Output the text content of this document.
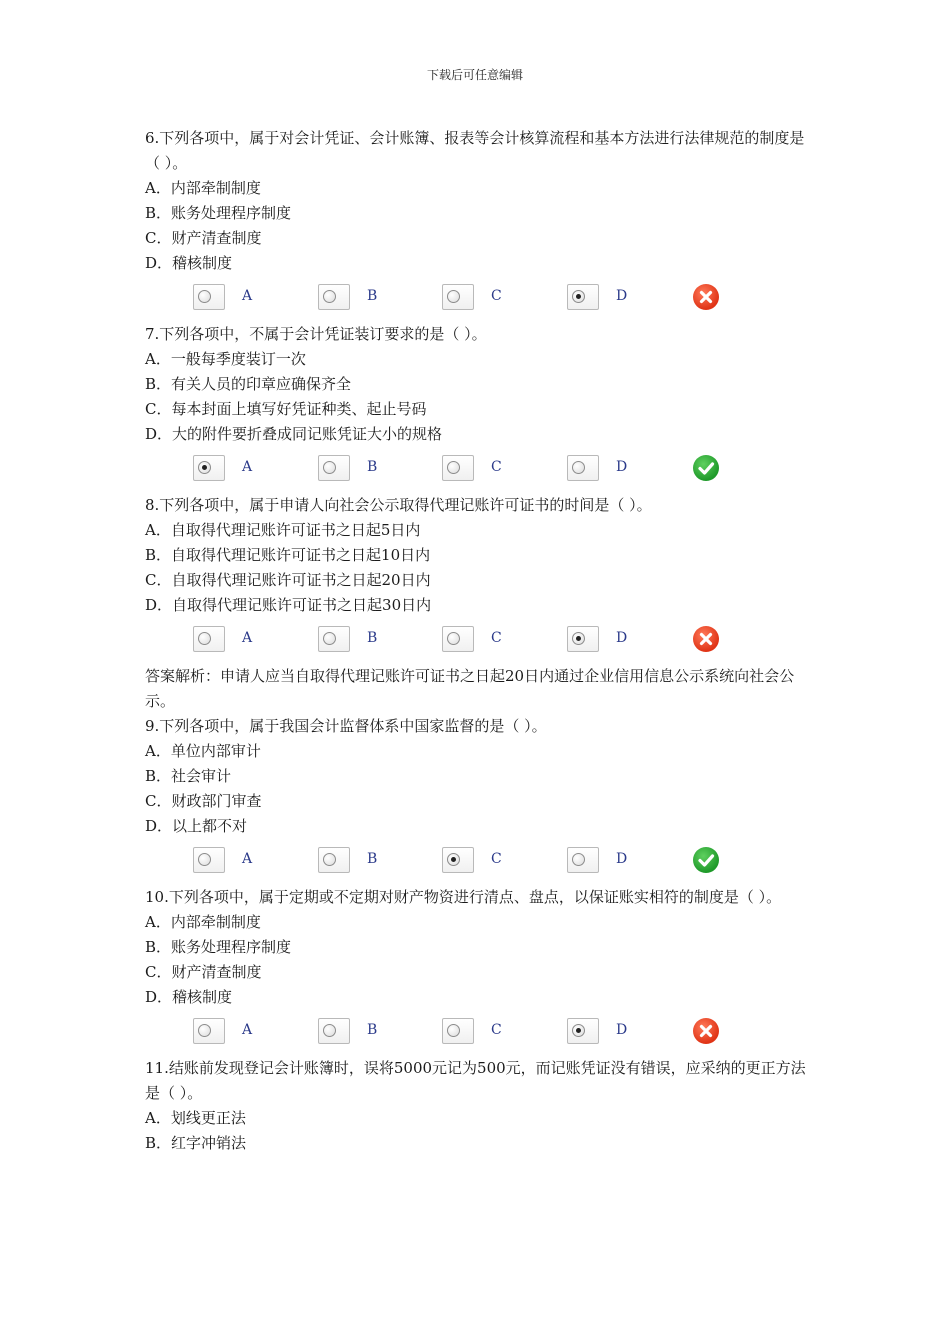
下载后可任意编辑
6.下列各项中，属于对会计凭证、会计账簿、报表等会计核算流程和基本方法进行法律规范的制度是（ ）。
A．内部牵制制度
B．账务处理程序制度
C．财产清查制度
D．稽核制度
A	B	C	D
7.下列各项中，不属于会计凭证装订要求的是（ ）。
A．一般每季度装订一次
B．有关人员的印章应确保齐全
C．每本封面上填写好凭证种类、起止号码
D．大的附件要折叠成同记账凭证大小的规格
A	B	C	D
8.下列各项中，属于申请人向社会公示取得代理记账许可证书的时间是（ ）。
A．自取得代理记账许可证书之日起5日内
B．自取得代理记账许可证书之日起10日内
C．自取得代理记账许可证书之日起20日内
D．自取得代理记账许可证书之日起30日内
A	B	C	D
答案解析：申请人应当自取得代理记账许可证书之日起20日内通过企业信用信息公示系统向社会公示。
9.下列各项中，属于我国会计监督体系中国家监督的是（ ）。
A．单位内部审计
B．社会审计
C．财政部门审查
D．以上都不对
A	B	C	D
10.下列各项中，属于定期或不定期对财产物资进行清点、盘点，以保证账实相符的制度是（ ）。
A．内部牵制制度
B．账务处理程序制度
C．财产清查制度
D．稽核制度
A	B	C	D
11.结账前发现登记会计账簿时，误将5000元记为500元，而记账凭证没有错误，应采纳的更正方法是（ ）。
A．划线更正法
B．红字冲销法
